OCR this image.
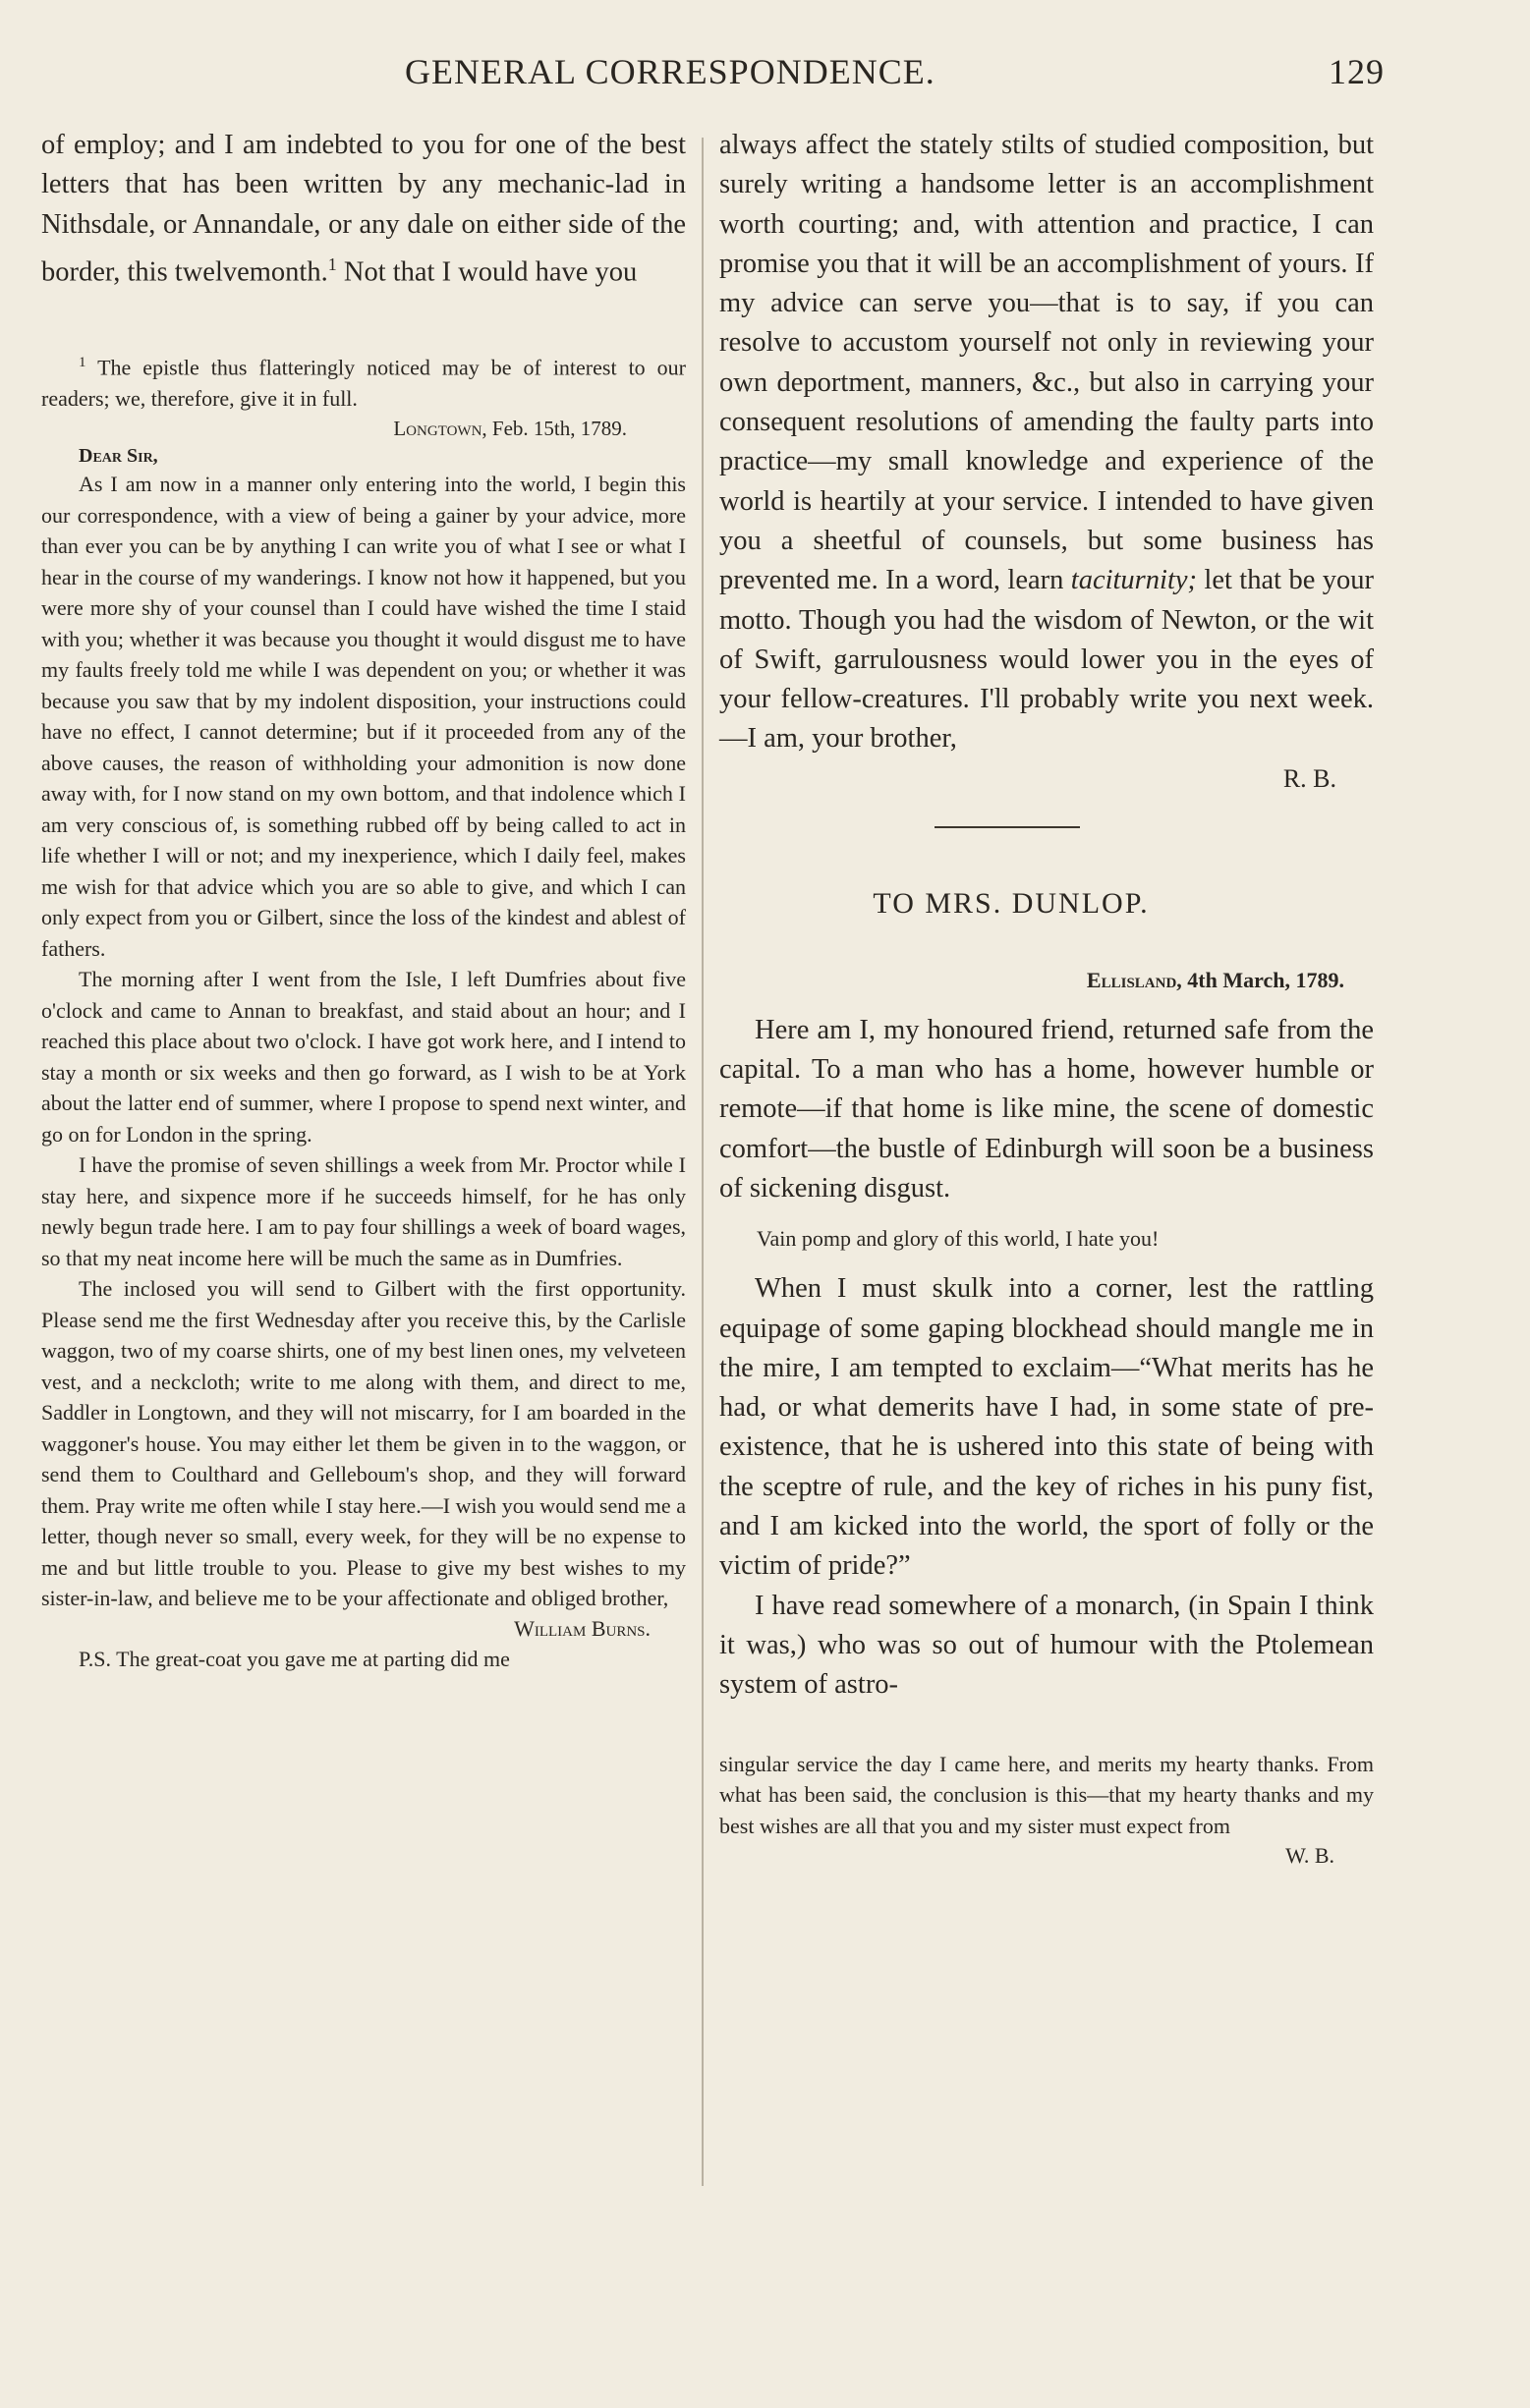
GENERAL CORRESPONDENCE.	129

of employ; and I am indebted to you for one of the best letters that has been written by any mechanic-lad in Nithsdale, or Annandale, or any dale on either side of the border, this twelvemonth.$^1$ Not that I would have you

$^1$ The epistle thus flatteringly noticed may be of interest to our readers; we, therefore, give it in full.

Longtown, Feb. 15th, 1789.

Dear Sir,

As I am now in a manner only entering into the world, I begin this our correspondence, with a view of being a gainer by your advice, more than ever you can be by anything I can write you of what I see or what I hear in the course of my wanderings. I know not how it happened, but you were more shy of your counsel than I could have wished the time I staid with you; whether it was because you thought it would disgust me to have my faults freely told me while I was dependent on you; or whether it was because you saw that by my indolent disposition, your instructions could have no effect, I cannot determine; but if it proceeded from any of the above causes, the reason of withholding your admonition is now done away with, for I now stand on my own bottom, and that indolence which I am very conscious of, is something rubbed off by being called to act in life whether I will or not; and my inexperience, which I daily feel, makes me wish for that advice which you are so able to give, and which I can only expect from you or Gilbert, since the loss of the kindest and ablest of fathers.

The morning after I went from the Isle, I left Dumfries about five o'clock and came to Annan to breakfast, and staid about an hour; and I reached this place about two o'clock. I have got work here, and I intend to stay a month or six weeks and then go forward, as I wish to be at York about the latter end of summer, where I propose to spend next winter, and go on for London in the spring.

I have the promise of seven shillings a week from Mr. Proctor while I stay here, and sixpence more if he succeeds himself, for he has only newly begun trade here. I am to pay four shillings a week of board wages, so that my neat income here will be much the same as in Dumfries.

The inclosed you will send to Gilbert with the first opportunity. Please send me the first Wednesday after you receive this, by the Carlisle waggon, two of my coarse shirts, one of my best linen ones, my velveteen vest, and a neckcloth; write to me along with them, and direct to me, Saddler in Longtown, and they will not miscarry, for I am boarded in the waggoner's house. You may either let them be given in to the waggon, or send them to Coulthard and Gelleboum's shop, and they will forward them. Pray write me often while I stay here.—I wish you would send me a letter, though never so small, every week, for they will be no expense to me and but little trouble to you. Please to give my best wishes to my sister-in-law, and believe me to be your affectionate and obliged brother,

William Burns.

P.S. The great-coat you gave me at parting did me

always affect the stately stilts of studied composition, but surely writing a handsome letter is an accomplishment worth courting; and, with attention and practice, I can promise you that it will be an accomplishment of yours. If my advice can serve you—that is to say, if you can resolve to accustom yourself not only in reviewing your own deportment, manners, &c., but also in carrying your consequent resolutions of amending the faulty parts into practice—my small knowledge and experience of the world is heartily at your service. I intended to have given you a sheetful of counsels, but some business has prevented me. In a word, learn taciturnity; let that be your motto. Though you had the wisdom of Newton, or the wit of Swift, garrulousness would lower you in the eyes of your fellow-creatures. I'll probably write you next week.—I am, your brother,

R. B.

TO MRS. DUNLOP.

Ellisland, 4th March, 1789.

Here am I, my honoured friend, returned safe from the capital. To a man who has a home, however humble or remote—if that home is like mine, the scene of domestic comfort—the bustle of Edinburgh will soon be a business of sickening disgust.

Vain pomp and glory of this world, I hate you!

When I must skulk into a corner, lest the rattling equipage of some gaping blockhead should mangle me in the mire, I am tempted to exclaim—“What merits has he had, or what demerits have I had, in some state of pre-existence, that he is ushered into this state of being with the sceptre of rule, and the key of riches in his puny fist, and I am kicked into the world, the sport of folly or the victim of pride?”

I have read somewhere of a monarch, (in Spain I think it was,) who was so out of humour with the Ptolemean system of astro-

singular service the day I came here, and merits my hearty thanks. From what has been said, the conclusion is this—that my hearty thanks and my best wishes are all that you and my sister must expect from

W. B.
